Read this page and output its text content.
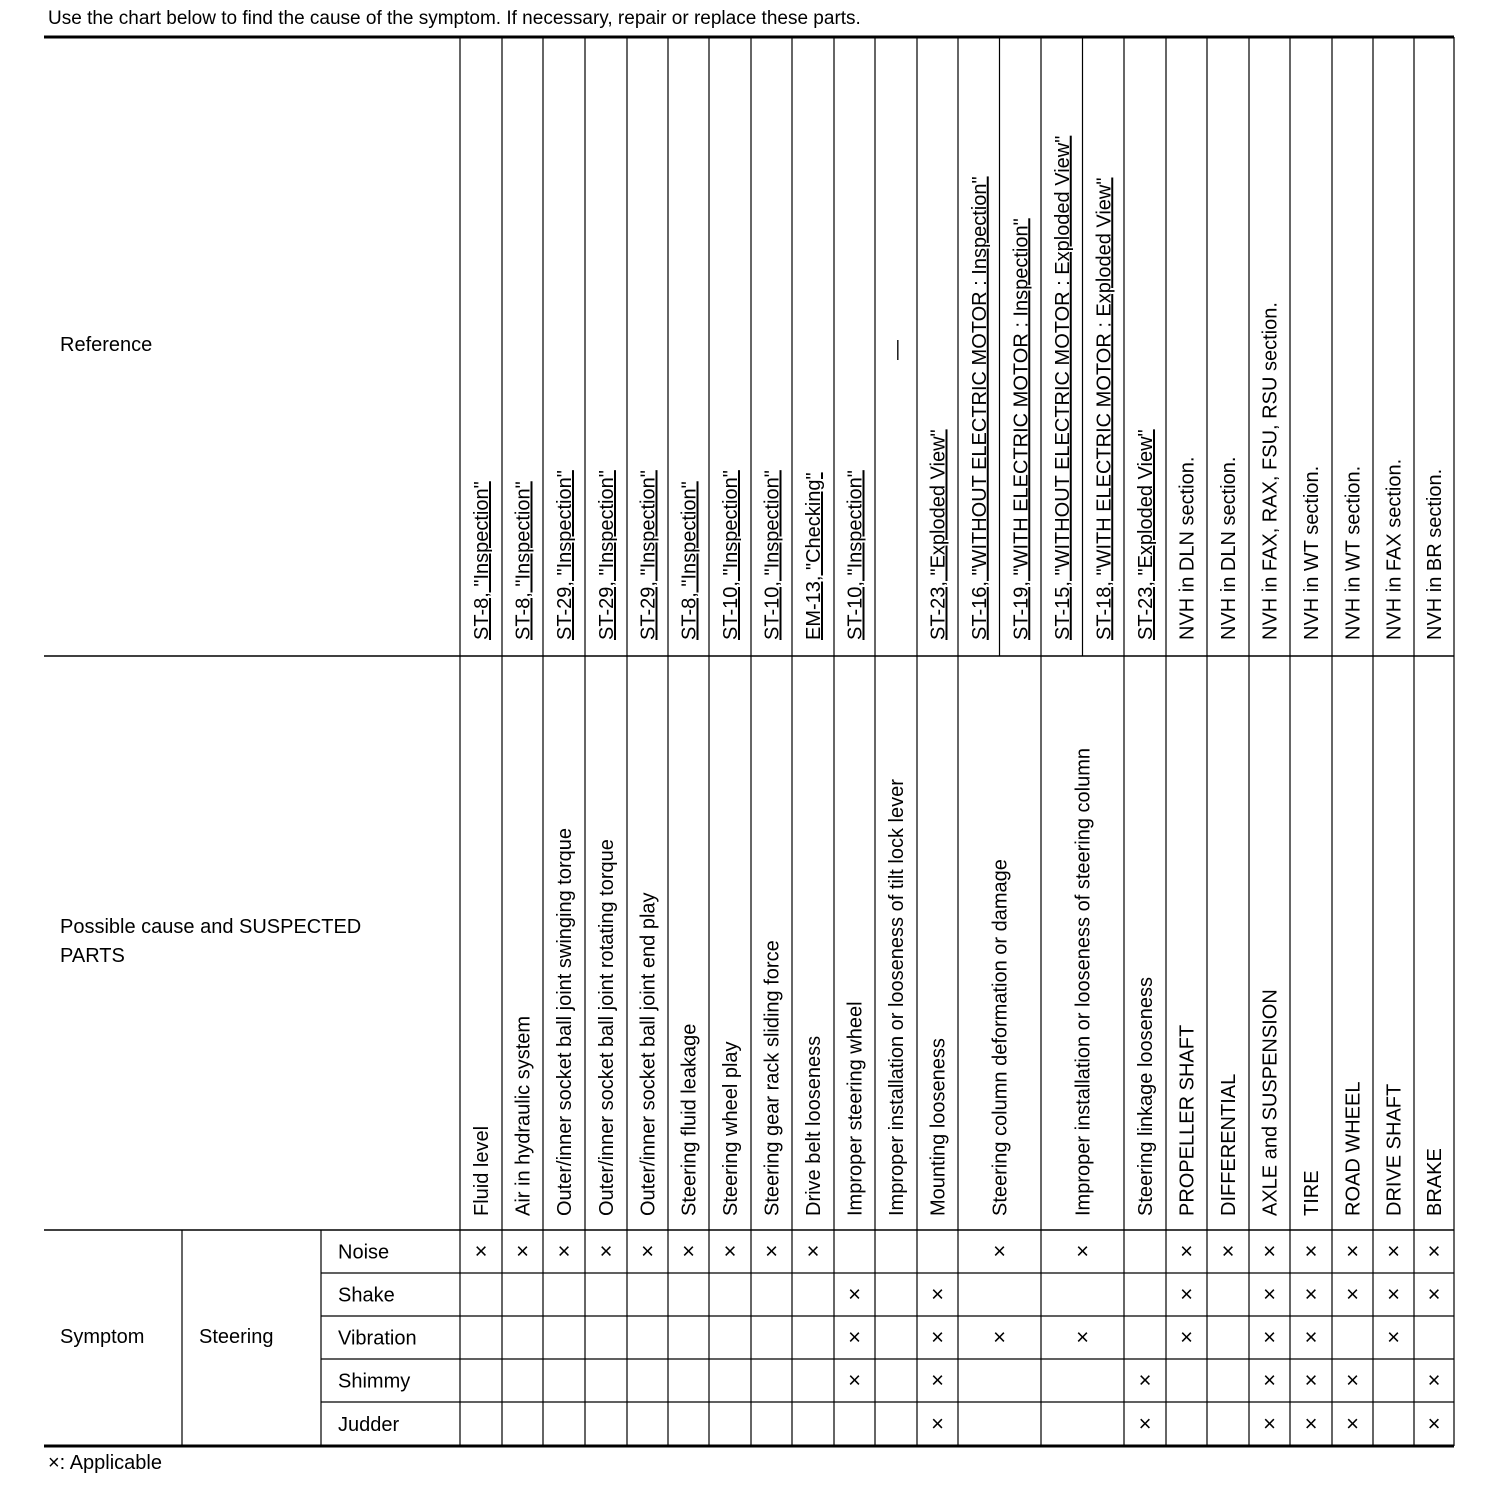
Use the chart below to find the cause of the symptom. If necessary, repair or replace these parts.
Reference
Possible cause and SUSPECTED
PARTS
Symptom	Steering
Noise
Shake
Vibration
Shimmy
Judder
Fluid level
ST-8, "Inspection"
×
Air in hydraulic system
ST-8, "Inspection"
×
Outer/inner socket ball joint swinging torque
ST-29, "Inspection"
×
Outer/inner socket ball joint rotating torque
ST-29, "Inspection"
×
Outer/inner socket ball joint end play
ST-29, "Inspection"
×
Steering fluid leakage
ST-8, "Inspection"
×
Steering wheel play
ST-10, "Inspection"
×
Steering gear rack sliding force
ST-10, "Inspection"
×
Drive belt looseness
EM-13, "Checking"
×
Improper steering wheel
ST-10, "Inspection"
×
×
×
Improper installation or looseness of tilt lock lever
—
Mounting looseness
ST-23, "Exploded View"
×
×
×
×
Steering column deformation or damage
ST-16, "WITHOUT ELECTRIC MOTOR : Inspection" ST-19, "WITH ELECTRIC MOTOR : Inspection"
×
×
Improper installation or looseness of steering column
ST-15, "WITHOUT ELECTRIC MOTOR : Exploded View" ST-18, "WITH ELECTRIC MOTOR : Exploded View"
×
×
Steering linkage looseness
ST-23, "Exploded View"
×
×
PROPELLER SHAFT
NVH in DLN section.
×
×
×
DIFFERENTIAL
NVH in DLN section.
×
AXLE and SUSPENSION
NVH in FAX, RAX, FSU, RSU section.
×
×
×
×
×
TIRE
NVH in WT section.
×
×
×
×
×
ROAD WHEEL
NVH in WT section.
×
×
×
×
DRIVE SHAFT
NVH in FAX section.
×
×
×
BRAKE
NVH in BR section.
×
×
×
×
×: Applicable
